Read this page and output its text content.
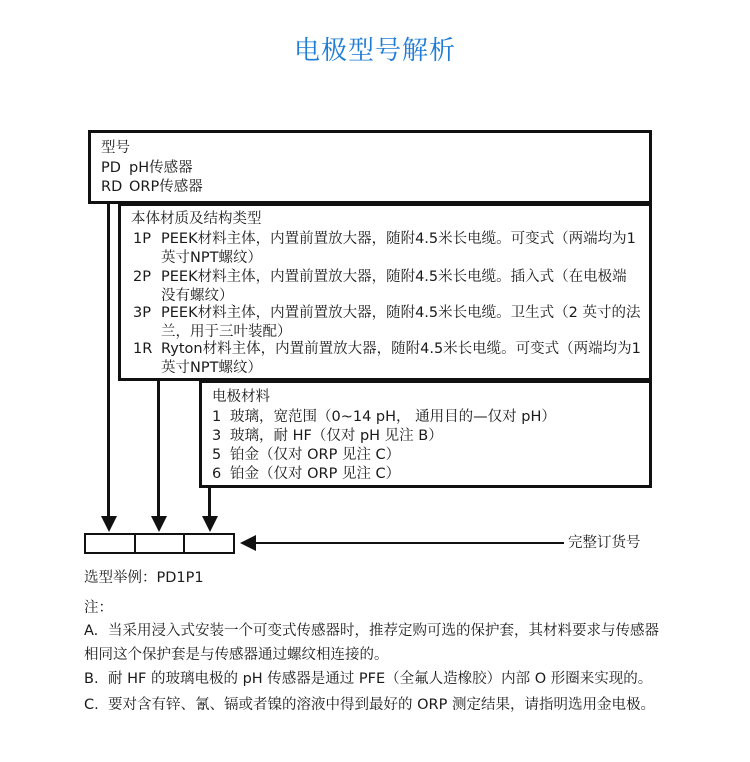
电极型号解析
型号
PD pH传感器
RD ORP传感器
本体材质及结构类型
1P PEEK材料主体，内置前置放大器，随附4.5米长电缆。可变式（两端均为1英寸NPT螺纹）
2P PEEK材料主体，内置前置放大器，随附4.5米长电缆。插入式（在电极端没有螺纹）
3P PEEK材料主体，内置前置放大器，随附4.5米长电缆。卫生式（2 英寸的法兰，用于三叶装配）
1R Ryton材料主体，内置前置放大器，随附4.5米长电缆。可变式（两端均为1英寸NPT螺纹）
电极材料
1 玻璃，宽范围（0~14 pH， 通用目的—仅对 pH）
3 玻璃，耐 HF（仅对 pH 见注 B）
5 铂金（仅对 ORP 见注 C）
6 铂金（仅对 ORP 见注 C）
完整订货号
选型举例：PD1P1
注：
A. 当采用浸入式安装一个可变式传感器时，推荐定购可选的保护套，其材料要求与传感器相同这个保护套是与传感器通过螺纹相连接的。
B. 耐 HF 的玻璃电极的 pH 传感器是通过 PFE（全氟人造橡胶）内部 O 形圈来实现的。
C. 要对含有锌、氰、镉或者镍的溶液中得到最好的 ORP 测定结果，请指明选用金电极。
